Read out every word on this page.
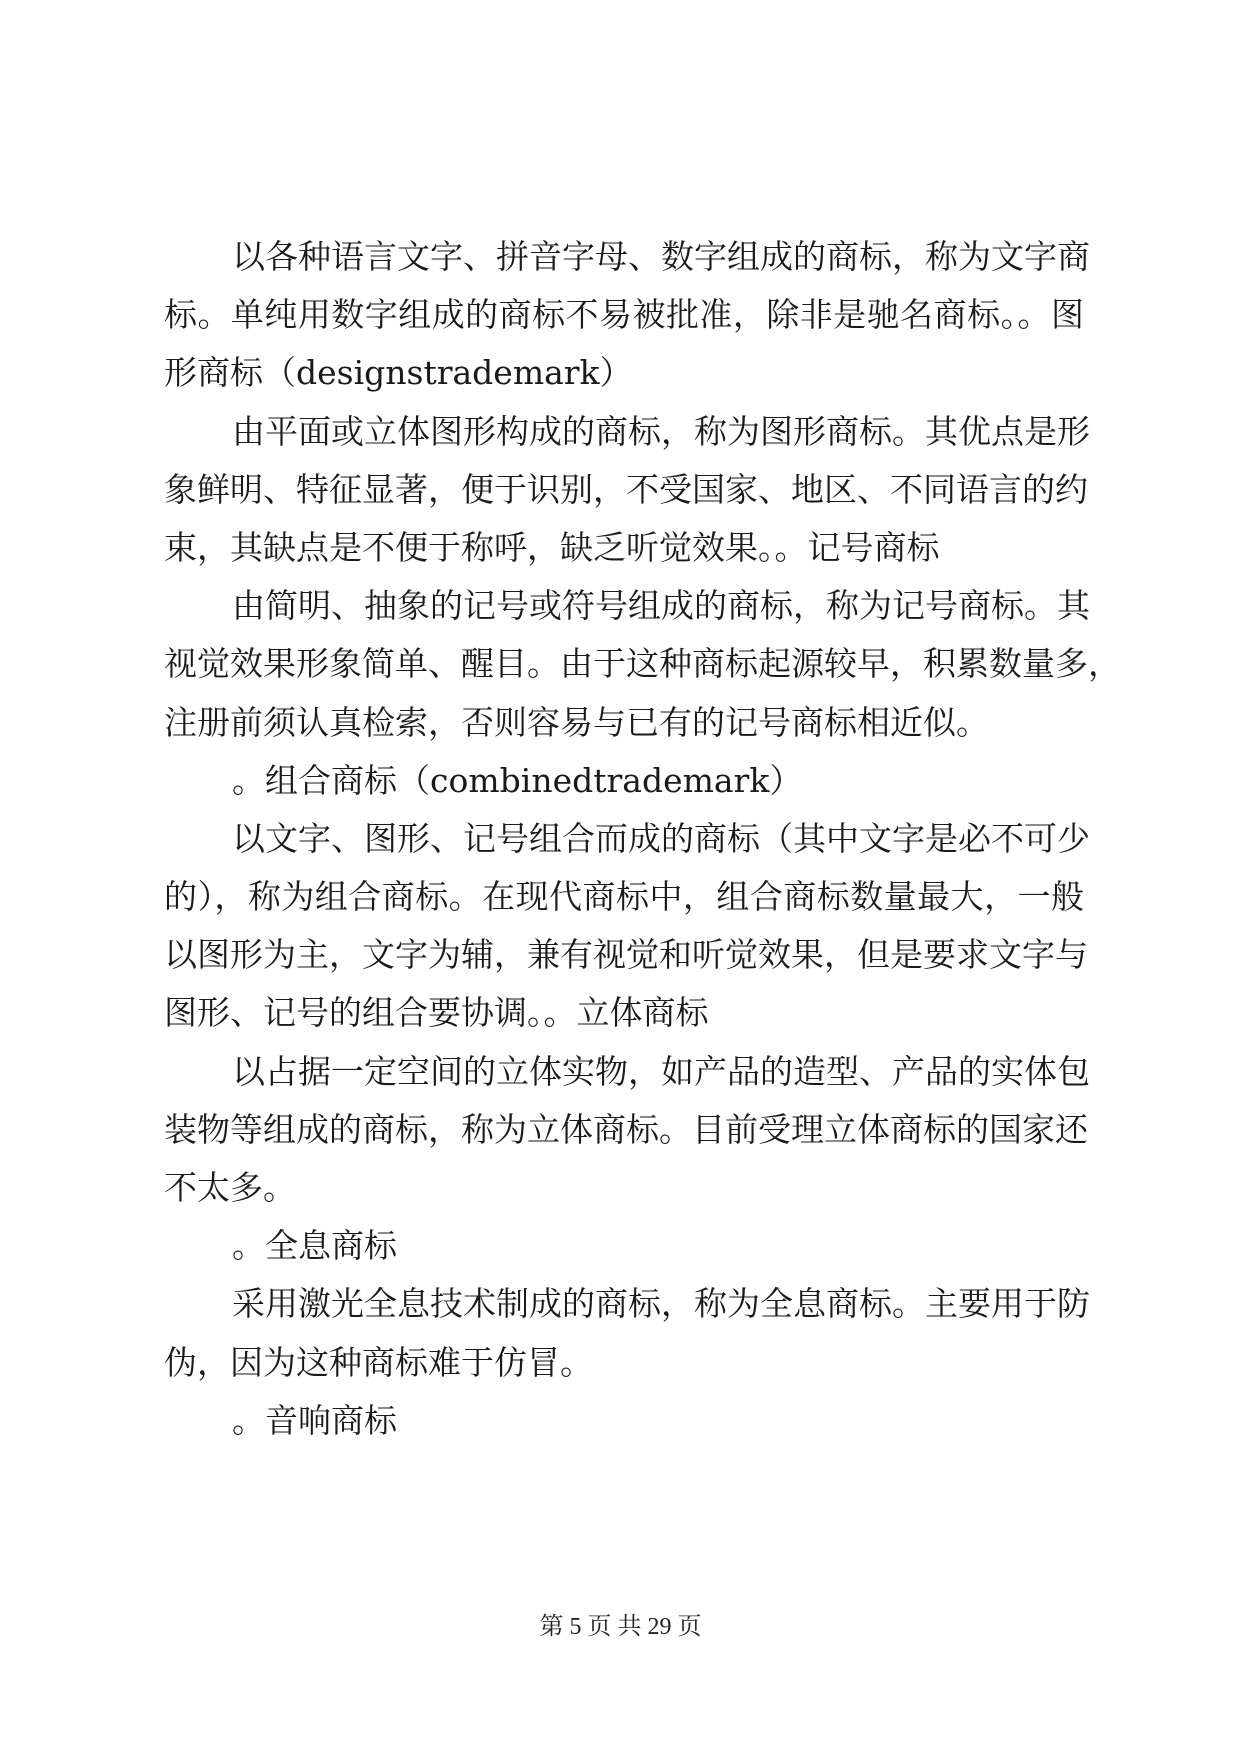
以各种语言文字、拼音字母、数字组成的商标，称为文字商
标。单纯用数字组成的商标不易被批准，除非是驰名商标。。图
形商标（designstrademark）
由平面或立体图形构成的商标，称为图形商标。其优点是形
象鲜明、特征显著，便于识别，不受国家、地区、不同语言的约
束，其缺点是不便于称呼，缺乏听觉效果。。记号商标
由简明、抽象的记号或符号组成的商标，称为记号商标。其
视觉效果形象简单、醒目。由于这种商标起源较早，积累数量多，
注册前须认真检索，否则容易与已有的记号商标相近似。
。组合商标（combinedtrademark）
以文字、图形、记号组合而成的商标（其中文字是必不可少
的），称为组合商标。在现代商标中，组合商标数量最大，一般
以图形为主，文字为辅，兼有视觉和听觉效果，但是要求文字与
图形、记号的组合要协调。。立体商标
以占据一定空间的立体实物，如产品的造型、产品的实体包
装物等组成的商标，称为立体商标。目前受理立体商标的国家还
不太多。
。全息商标
采用激光全息技术制成的商标，称为全息商标。主要用于防
伪，因为这种商标难于仿冒。
。音响商标
第 5 页 共 29 页
